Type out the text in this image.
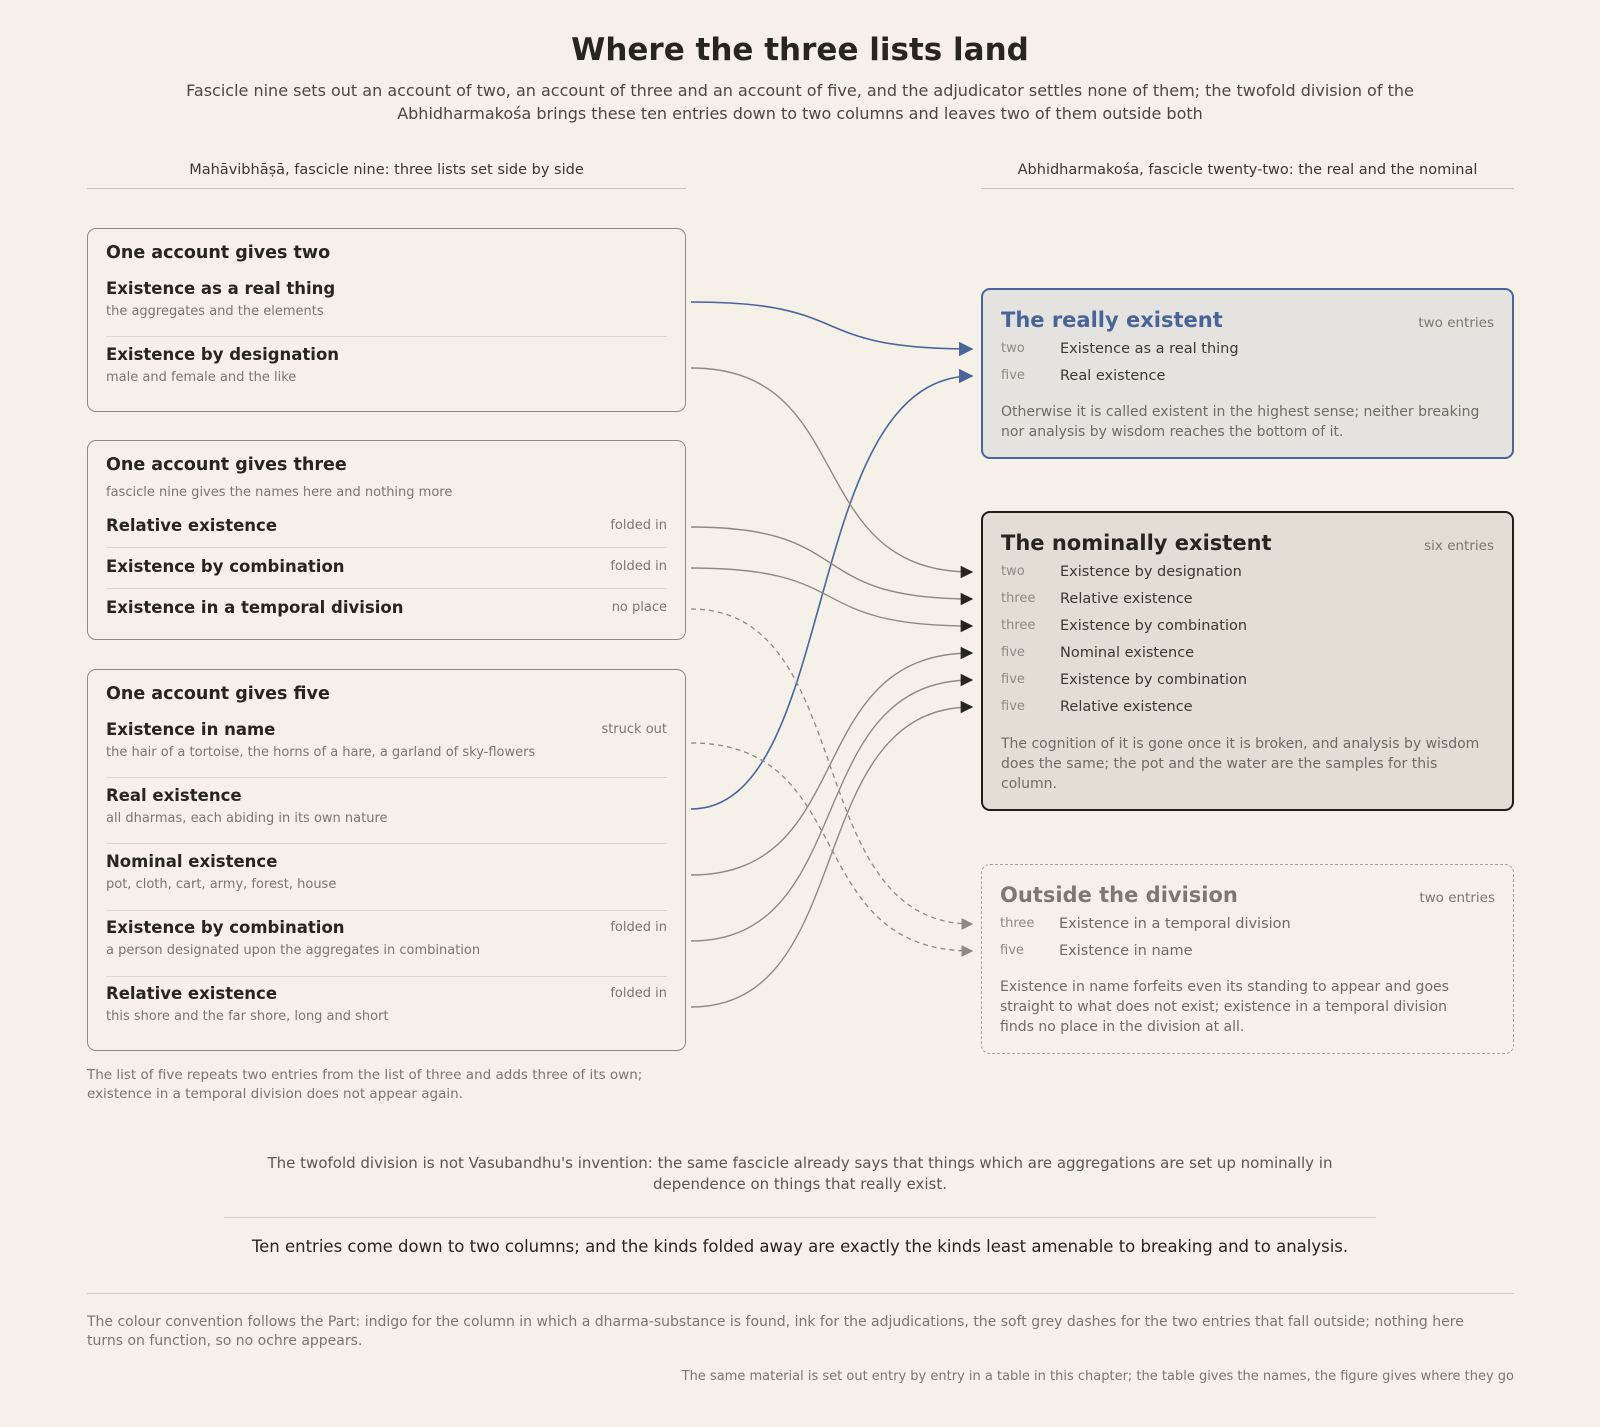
Where the three lists land
Fascicle nine sets out an account of two, an account of three and an account of five, and the adjudicator settles none of them; the twofold division of the Abhidharmakośa brings these ten entries down to two columns and leaves two of them outside both
Mahāvibhāṣā, fascicle nine: three lists set side by side	Abhidharmakośa, fascicle twenty-two: the real and the nominal
One account gives two
Existence as a real thing
the aggregates and the elements
Existence by designation
male and female and the like
One account gives three
fascicle nine gives the names here and nothing more
Relative existence	folded in
Existence by combination	folded in
Existence in a temporal division	no place
One account gives five
Existence in name
the hair of a tortoise, the horns of a hare, a garland of sky-flowers
struck out
Real existence
all dharmas, each abiding in its own nature
Nominal existence
pot, cloth, cart, army, forest, house
Existence by combination
a person designated upon the aggregates in combination
folded in
Relative existence
this shore and the far shore, long and short
folded in
The list of five repeats two entries from the list of three and adds three of its own; existence in a temporal division does not appear again.
The really existent	two entries
two Existence as a real thing
five Real existence
Otherwise it is called existent in the highest sense; neither breaking nor analysis by wisdom reaches the bottom of it.
The nominally existent	six entries
two Existence by designation
three Relative existence
three Existence by combination
five Nominal existence
five Existence by combination
five Relative existence
The cognition of it is gone once it is broken, and analysis by wisdom does the same; the pot and the water are the samples for this column.
Outside the division	two entries
three Existence in a temporal division
five Existence in name
Existence in name forfeits even its standing to appear and goes straight to what does not exist; existence in a temporal division finds no place in the division at all.
The twofold division is not Vasubandhu's invention: the same fascicle already says that things which are aggregations are set up nominally in dependence on things that really exist.
Ten entries come down to two columns; and the kinds folded away are exactly the kinds least amenable to breaking and to analysis.
The colour convention follows the Part: indigo for the column in which a dharma-substance is found, ink for the adjudications, the soft grey dashes for the two entries that fall outside; nothing here turns on function, so no ochre appears.
The same material is set out entry by entry in a table in this chapter; the table gives the names, the figure gives where they go
